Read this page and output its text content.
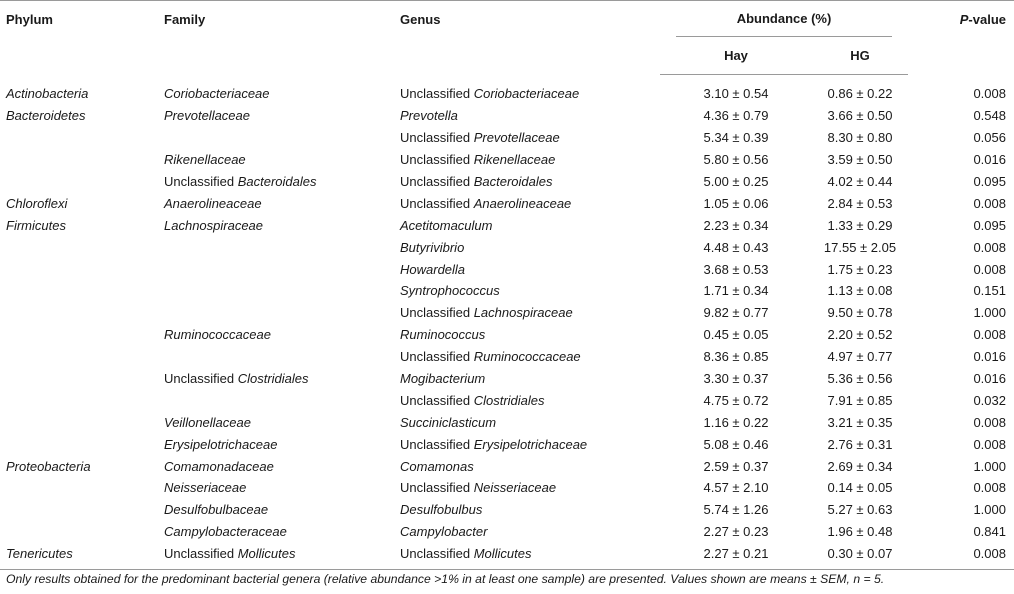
Phylum	Family	Genus	Abundance (%)		P-value
			Hay	HG	
Actinobacteria	Coriobacteriaceae	Unclassified Coriobacteriaceae	3.10 ± 0.54	0.86 ± 0.22	0.008
Bacteroidetes	Prevotellaceae	Prevotella	4.36 ± 0.79	3.66 ± 0.50	0.548
		Unclassified Prevotellaceae	5.34 ± 0.39	8.30 ± 0.80	0.056
	Rikenellaceae	Unclassified Rikenellaceae	5.80 ± 0.56	3.59 ± 0.50	0.016
	Unclassified Bacteroidales	Unclassified Bacteroidales	5.00 ± 0.25	4.02 ± 0.44	0.095
Chloroflexi	Anaerolineaceae	Unclassified Anaerolineaceae	1.05 ± 0.06	2.84 ± 0.53	0.008
Firmicutes	Lachnospiraceae	Acetitomaculum	2.23 ± 0.34	1.33 ± 0.29	0.095
		Butyrivibrio	4.48 ± 0.43	17.55 ± 2.05	0.008
		Howardella	3.68 ± 0.53	1.75 ± 0.23	0.008
		Syntrophococcus	1.71 ± 0.34	1.13 ± 0.08	0.151
		Unclassified Lachnospiraceae	9.82 ± 0.77	9.50 ± 0.78	1.000
	Ruminococcaceae	Ruminococcus	0.45 ± 0.05	2.20 ± 0.52	0.008
		Unclassified Ruminococcaceae	8.36 ± 0.85	4.97 ± 0.77	0.016
	Unclassified Clostridiales	Mogibacterium	3.30 ± 0.37	5.36 ± 0.56	0.016
		Unclassified Clostridiales	4.75 ± 0.72	7.91 ± 0.85	0.032
	Veillonellaceae	Succiniclasticum	1.16 ± 0.22	3.21 ± 0.35	0.008
	Erysipelotrichaceae	Unclassified Erysipelotrichaceae	5.08 ± 0.46	2.76 ± 0.31	0.008
Proteobacteria	Comamonadaceae	Comamonas	2.59 ± 0.37	2.69 ± 0.34	1.000
	Neisseriaceae	Unclassified Neisseriaceae	4.57 ± 2.10	0.14 ± 0.05	0.008
	Desulfobulbaceae	Desulfobulbus	5.74 ± 1.26	5.27 ± 0.63	1.000
	Campylobacteraceae	Campylobacter	2.27 ± 0.23	1.96 ± 0.48	0.841
Tenericutes	Unclassified Mollicutes	Unclassified Mollicutes	2.27 ± 0.21	0.30 ± 0.07	0.008
Only results obtained for the predominant bacterial genera (relative abundance >1% in at least one sample) are presented. Values shown are means ± SEM, n = 5.
